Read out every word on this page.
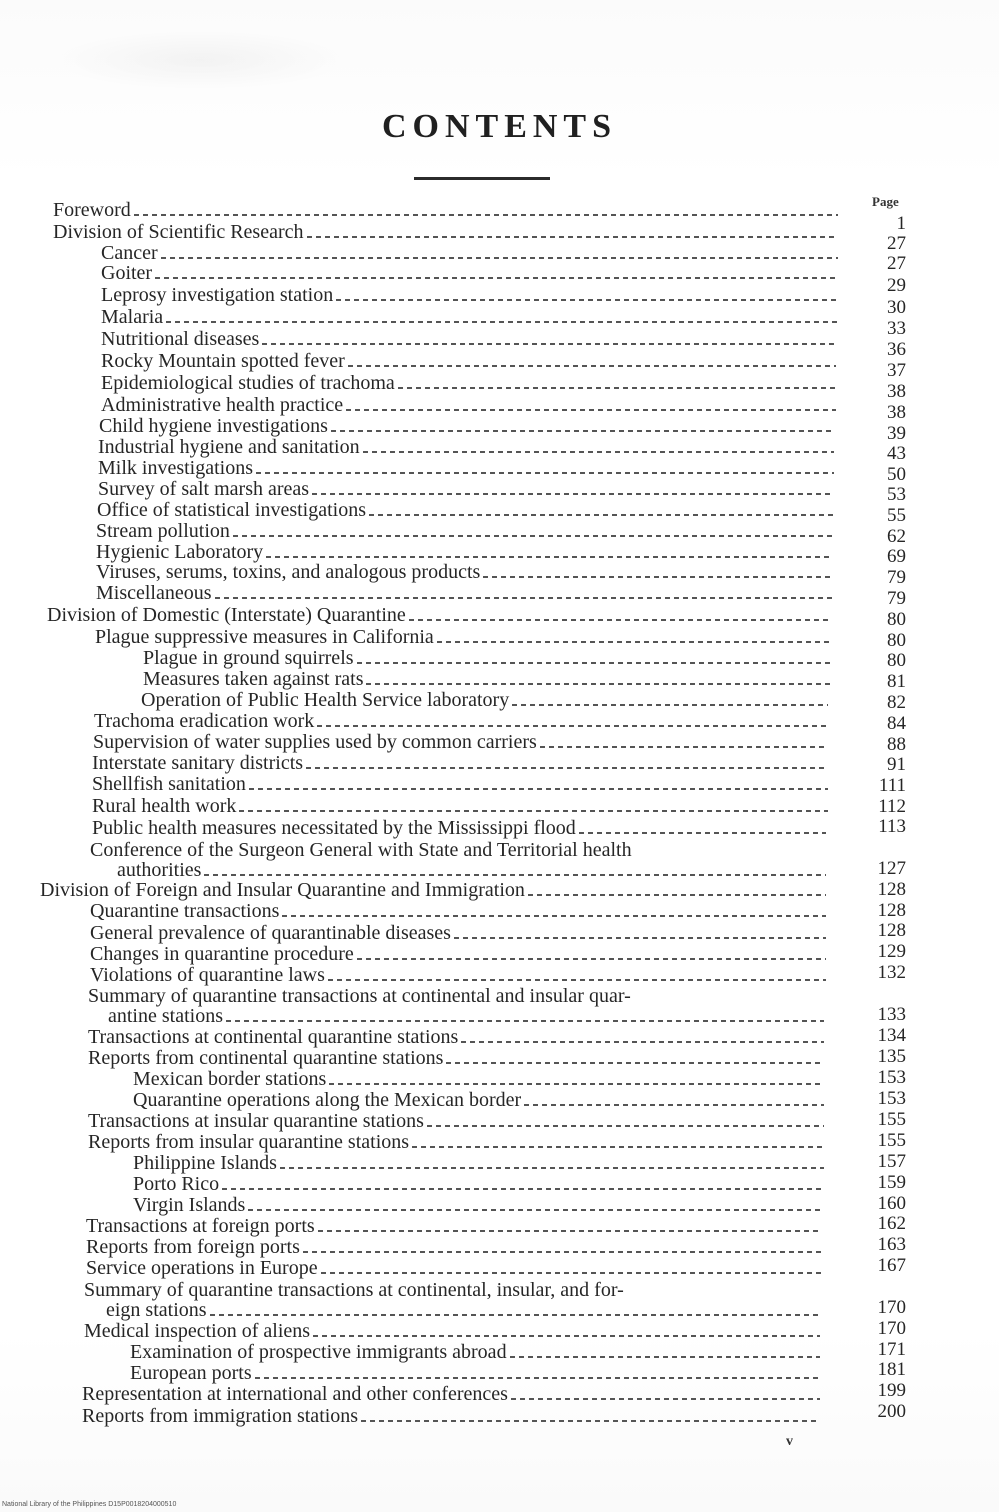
CONTENTS
Page
Foreword
Division of Scientific Research
Cancer
Goiter
Leprosy investigation station
Malaria
Nutritional diseases
Rocky Mountain spotted fever
Epidemiological studies of trachoma
Administrative health practice
Child hygiene investigations
Industrial hygiene and sanitation
Milk investigations
Survey of salt marsh areas
Office of statistical investigations
Stream pollution
Hygienic Laboratory
Viruses, serums, toxins, and analogous products
Miscellaneous
Division of Domestic (Interstate) Quarantine
Plague suppressive measures in California
Plague in ground squirrels
Measures taken against rats
Operation of Public Health Service laboratory
Trachoma eradication work
Supervision of water supplies used by common carriers
Interstate sanitary districts
Shellfish sanitation
Rural health work
Public health measures necessitated by the Mississippi flood
Conference of the Surgeon General with State and Territorial health
authorities
Division of Foreign and Insular Quarantine and Immigration
Quarantine transactions
General prevalence of quarantinable diseases
Changes in quarantine procedure
Violations of quarantine laws
Summary of quarantine transactions at continental and insular quar-
antine stations
Transactions at continental quarantine stations
Reports from continental quarantine stations
Mexican border stations
Quarantine operations along the Mexican border
Transactions at insular quarantine stations
Reports from insular quarantine stations
Philippine Islands
Porto Rico
Virgin Islands
Transactions at foreign ports
Reports from foreign ports
Service operations in Europe
Summary of quarantine transactions at continental, insular, and for-
eign stations
Medical inspection of aliens
Examination of prospective immigrants abroad
European ports
Representation at international and other conferences
Reports from immigration stations
1
27
27
29
30
33
36
37
38
38
39
43
50
53
55
62
69
79
79
80
80
80
81
82
84
88
91
111
112
113
127
128
128
128
129
132
133
134
135
153
153
155
155
157
159
160
162
163
167
170
170
171
181
199
200
v
National Library of the Philippines D15P0018204000510
